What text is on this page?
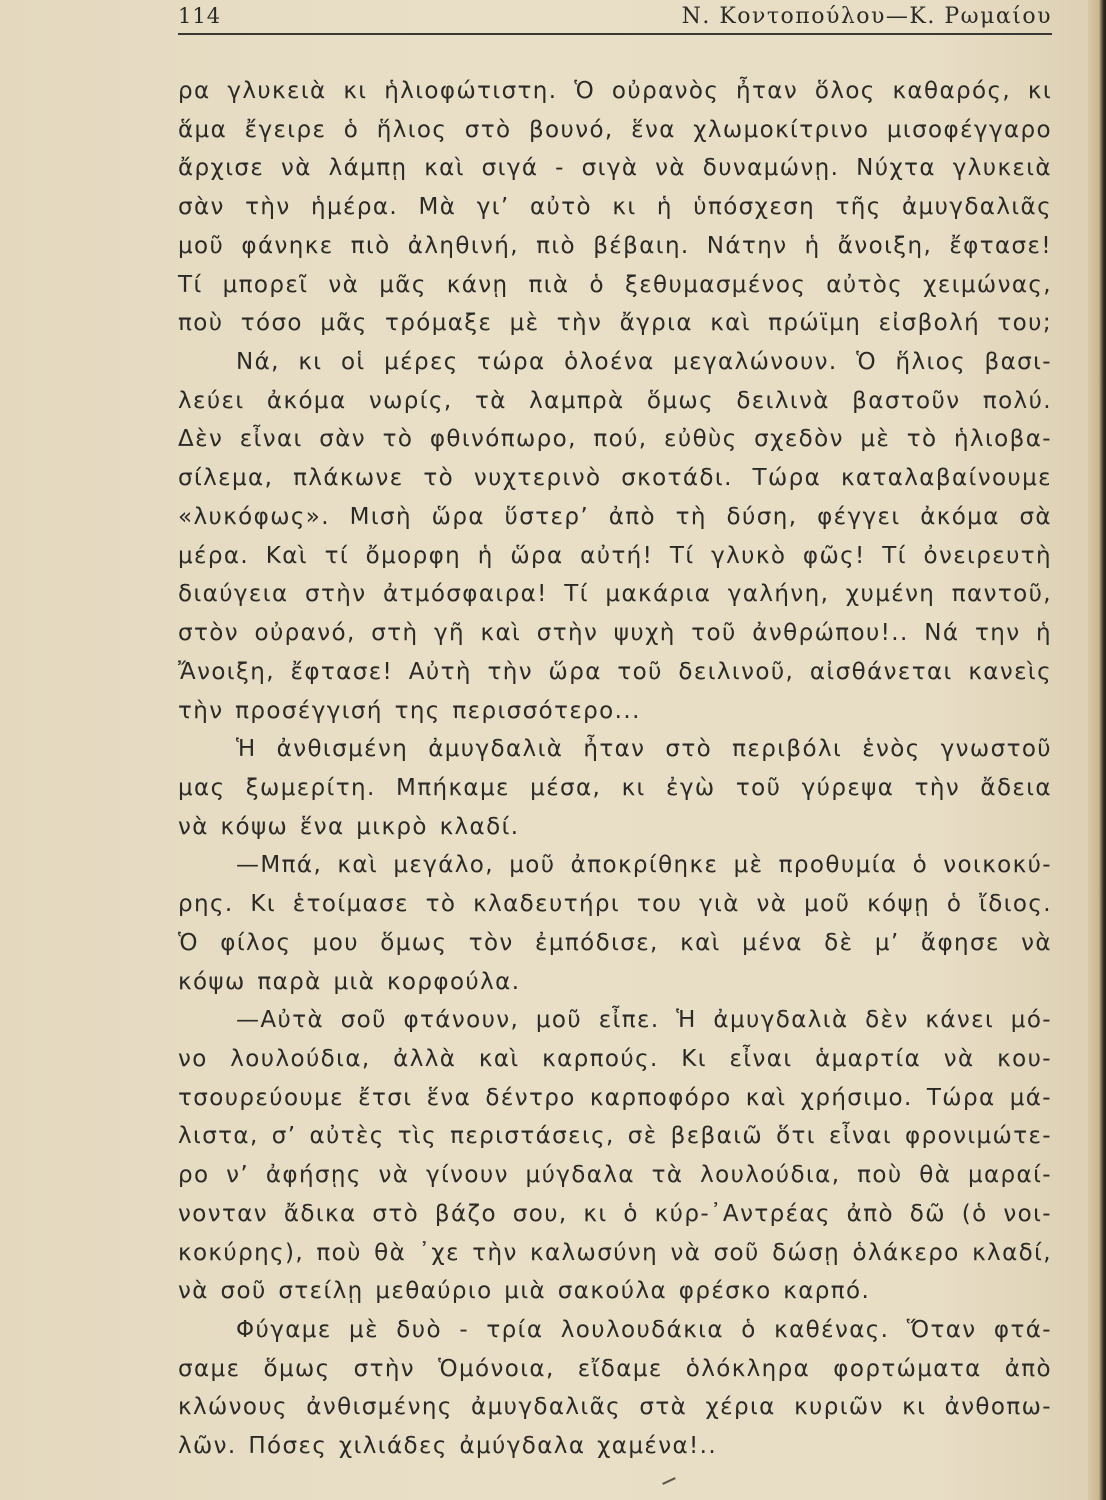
114	Ν. Κοντοπούλου—Κ. Ρωμαίου
ρα γλυκειὰ κι ἡλιοφώτιστη. Ὁ οὐρανὸς ἦταν ὅλος καθαρός, κι
ἅμα ἔγειρε ὁ ἥλιος στὸ βουνό, ἕνα χλωμοκίτρινο μισοφέγγαρο
ἄρχισε νὰ λάμπῃ καὶ σιγά - σιγὰ νὰ δυναμώνῃ. Νύχτα γλυκειὰ
σὰν τὴν ἡμέρα. Μὰ γι’ αὐτὸ κι ἡ ὑπόσχεση τῆς ἀμυγδαλιᾶς
μοῦ φάνηκε πιὸ ἀληθινή, πιὸ βέβαιη. Νάτην ἡ ἄνοιξη, ἔφτασε!
Τί μπορεῖ νὰ μᾶς κάνῃ πιὰ ὁ ξεθυμασμένος αὐτὸς χειμώνας,
ποὺ τόσο μᾶς τρόμαξε μὲ τὴν ἄγρια καὶ πρώϊμη εἰσβολή του;
Νά, κι οἱ μέρες τώρα ὁλοένα μεγαλώνουν. Ὁ ἥλιος βασι-
λεύει ἀκόμα νωρίς, τὰ λαμπρὰ ὅμως δειλινὰ βαστοῦν πολύ.
Δὲν εἶναι σὰν τὸ φθινόπωρο, πού, εὐθὺς σχεδὸν μὲ τὸ ἡλιοβα-
σίλεμα, πλάκωνε τὸ νυχτερινὸ σκοτάδι. Τώρα καταλαβαίνουμε
«λυκόφως». Μισὴ ὥρα ὕστερ’ ἀπὸ τὴ δύση, φέγγει ἀκόμα σὰ
μέρα. Καὶ τί ὄμορφη ἡ ὥρα αὐτή! Τί γλυκὸ φῶς! Τί ὀνειρευτὴ
διαύγεια στὴν ἀτμόσφαιρα! Τί μακάρια γαλήνη, χυμένη παντοῦ,
στὸν οὐρανό, στὴ γῆ καὶ στὴν ψυχὴ τοῦ ἀνθρώπου!.. Νά την ἡ
Ἄνοιξη, ἔφτασε! Αὐτὴ τὴν ὥρα τοῦ δειλινοῦ, αἰσθάνεται κανεὶς
τὴν προσέγγισή της περισσότερο...
Ἡ ἀνθισμένη ἀμυγδαλιὰ ἦταν στὸ περιβόλι ἑνὸς γνωστοῦ
μας ξωμερίτη. Μπήκαμε μέσα, κι ἐγὼ τοῦ γύρεψα τὴν ἄδεια
νὰ κόψω ἕνα μικρὸ κλαδί.
—Μπά, καὶ μεγάλο, μοῦ ἀποκρίθηκε μὲ προθυμία ὁ νοικοκύ-
ρης. Κι ἑτοίμασε τὸ κλαδευτήρι του γιὰ νὰ μοῦ κόψῃ ὁ ἴδιος.
Ὁ φίλος μου ὅμως τὸν ἐμπόδισε, καὶ μένα δὲ μ’ ἄφησε νὰ
κόψω παρὰ μιὰ κορφούλα.
—Αὐτὰ σοῦ φτάνουν, μοῦ εἶπε. Ἡ ἀμυγδαλιὰ δὲν κάνει μό-
νο λουλούδια, ἀλλὰ καὶ καρπούς. Κι εἶναι ἁμαρτία νὰ κου-
τσουρεύουμε ἔτσι ἕνα δέντρο καρποφόρο καὶ χρήσιμο. Τώρα μά-
λιστα, σ’ αὐτὲς τὶς περιστάσεις, σὲ βεβαιῶ ὅτι εἶναι φρονιμώτε-
ρο ν’ ἀφήσῃς νὰ γίνουν μύγδαλα τὰ λουλούδια, ποὺ θὰ μαραί-
νονταν ἄδικα στὸ βάζο σου, κι ὁ κύρ-᾿Αντρέας ἀπὸ δῶ (ὁ νοι-
κοκύρης), ποὺ θὰ ᾿χε τὴν καλωσύνη νὰ σοῦ δώσῃ ὁλάκερο κλαδί,
νὰ σοῦ στείλῃ μεθαύριο μιὰ σακούλα φρέσκο καρπό.
Φύγαμε μὲ δυὸ - τρία λουλουδάκια ὁ καθένας. Ὅταν φτά-
σαμε ὅμως στὴν Ὁμόνοια, εἴδαμε ὁλόκληρα φορτώματα ἀπὸ
κλώνους ἀνθισμένης ἀμυγδαλιᾶς στὰ χέρια κυριῶν κι ἀνθοπω-
λῶν. Πόσες χιλιάδες ἀμύγδαλα χαμένα!..
